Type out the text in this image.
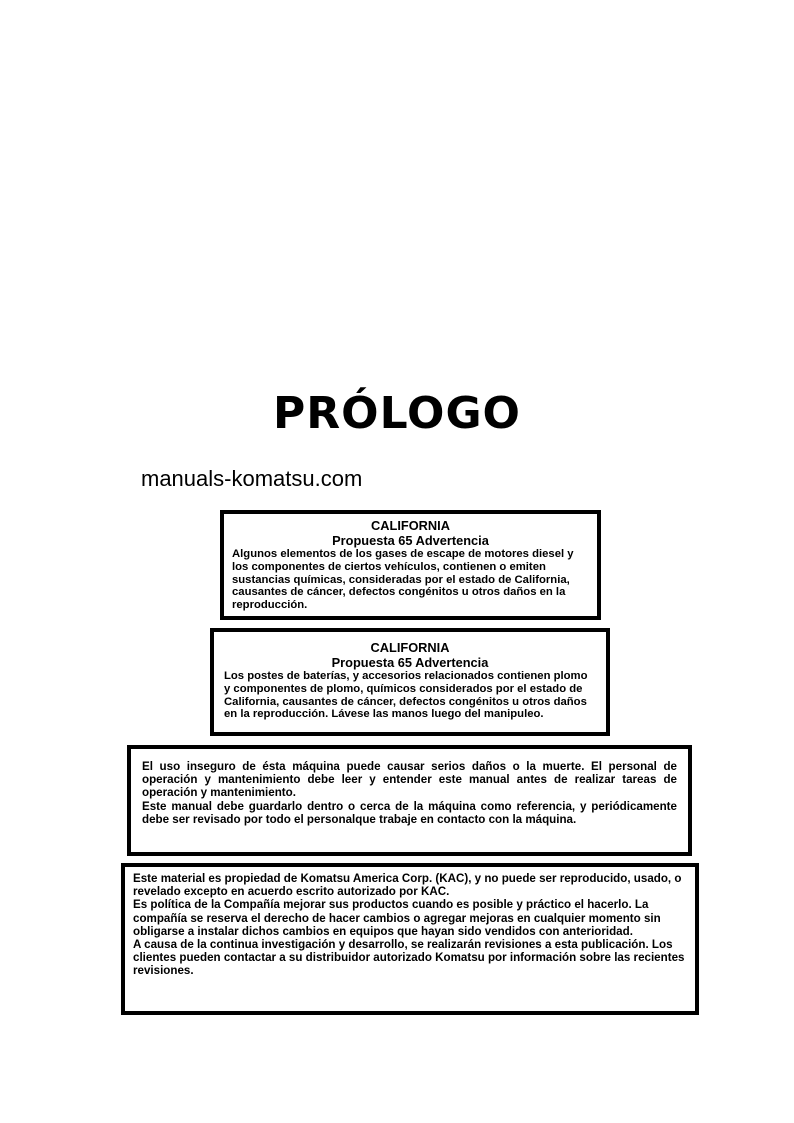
PRÓLOGO
manuals-komatsu.com
CALIFORNIA
Propuesta 65 Advertencia
Algunos elementos de los gases de escape de motores diesel y los componentes de ciertos vehículos, contienen o emiten sustancias químicas, consideradas por el estado de California, causantes de cáncer, defectos congénitos u otros daños en la reproducción.
CALIFORNIA
Propuesta 65 Advertencia
Los postes de baterías, y accesorios relacionados contienen plomo y componentes de plomo, químicos considerados por el estado de California, causantes de cáncer, defectos congénitos u otros daños en la reproducción. Lávese las manos luego del manipuleo.

El uso inseguro de ésta máquina puede causar serios daños o la muerte. El personal de operación y mantenimiento debe leer y entender este manual antes de realizar tareas de operación y mantenimiento.

Este manual debe guardarlo dentro o cerca de la máquina como referencia, y periódicamente debe ser revisado por todo el personalque trabaje en contacto con la máquina.

Este material es propiedad de Komatsu America Corp. (KAC), y no puede ser reproducido, usado, o revelado excepto en acuerdo escrito autorizado por KAC.

Es política de la Compañía mejorar sus productos cuando es posible y práctico el hacerlo. La compañía se reserva el derecho de hacer cambios o agregar mejoras en cualquier momento sin obligarse a instalar dichos cambios en equipos que hayan sido vendidos con anterioridad.

A causa de la continua investigación y desarrollo, se realizarán revisiones a esta publicación. Los clientes pueden contactar a su distribuidor autorizado Komatsu por información sobre las recientes revisiones.
